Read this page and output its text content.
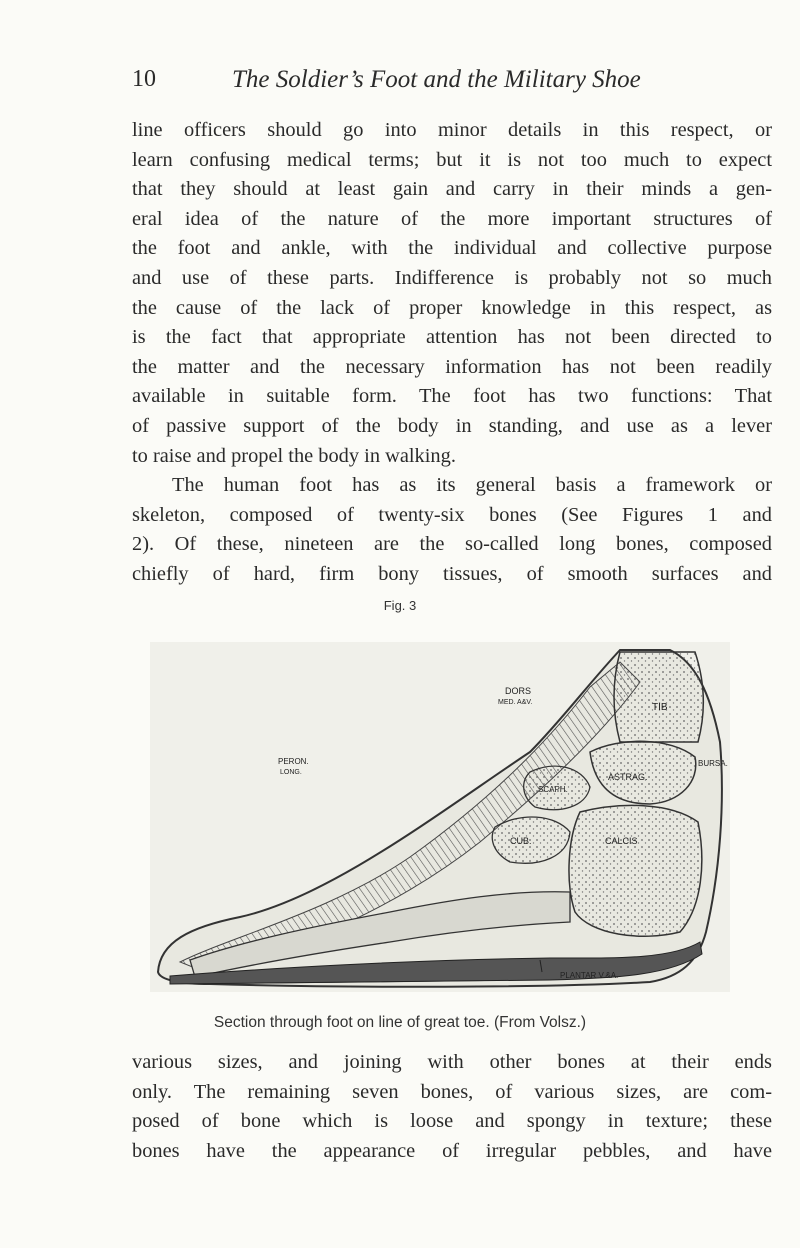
10	The Soldier’s Foot and the Military Shoe

line officers should go into minor details in this respect, or
learn confusing medical terms; but it is not too much to expect
that they should at least gain and carry in their minds a gen-
eral idea of the nature of the more important structures of
the foot and ankle, with the individual and collective purpose
and use of these parts. Indifference is probably not so much
the cause of the lack of proper knowledge in this respect, as
is the fact that appropriate attention has not been directed to
the matter and the necessary information has not been readily
available in suitable form. The foot has two functions: That
of passive support of the body in standing, and use as a lever
to raise and propel the body in walking.

The human foot has as its general basis a framework or
skeleton, composed of twenty-six bones (See Figures 1 and
2). Of these, nineteen are the so-called long bones, composed
chiefly of hard, firm bony tissues, of smooth surfaces and

Fig. 3
DORS
MED. A&V.
PERON.
LONG.
TIB
ASTRAG.
SCAPH.
CUB.	CALCIS
BURSA.
PLANTAR V.&A.
Section through foot on line of great toe. (From Volsz.)

various sizes, and joining with other bones at their ends
only. The remaining seven bones, of various sizes, are com-
posed of bone which is loose and spongy in texture; these
bones have the appearance of irregular pebbles, and have
